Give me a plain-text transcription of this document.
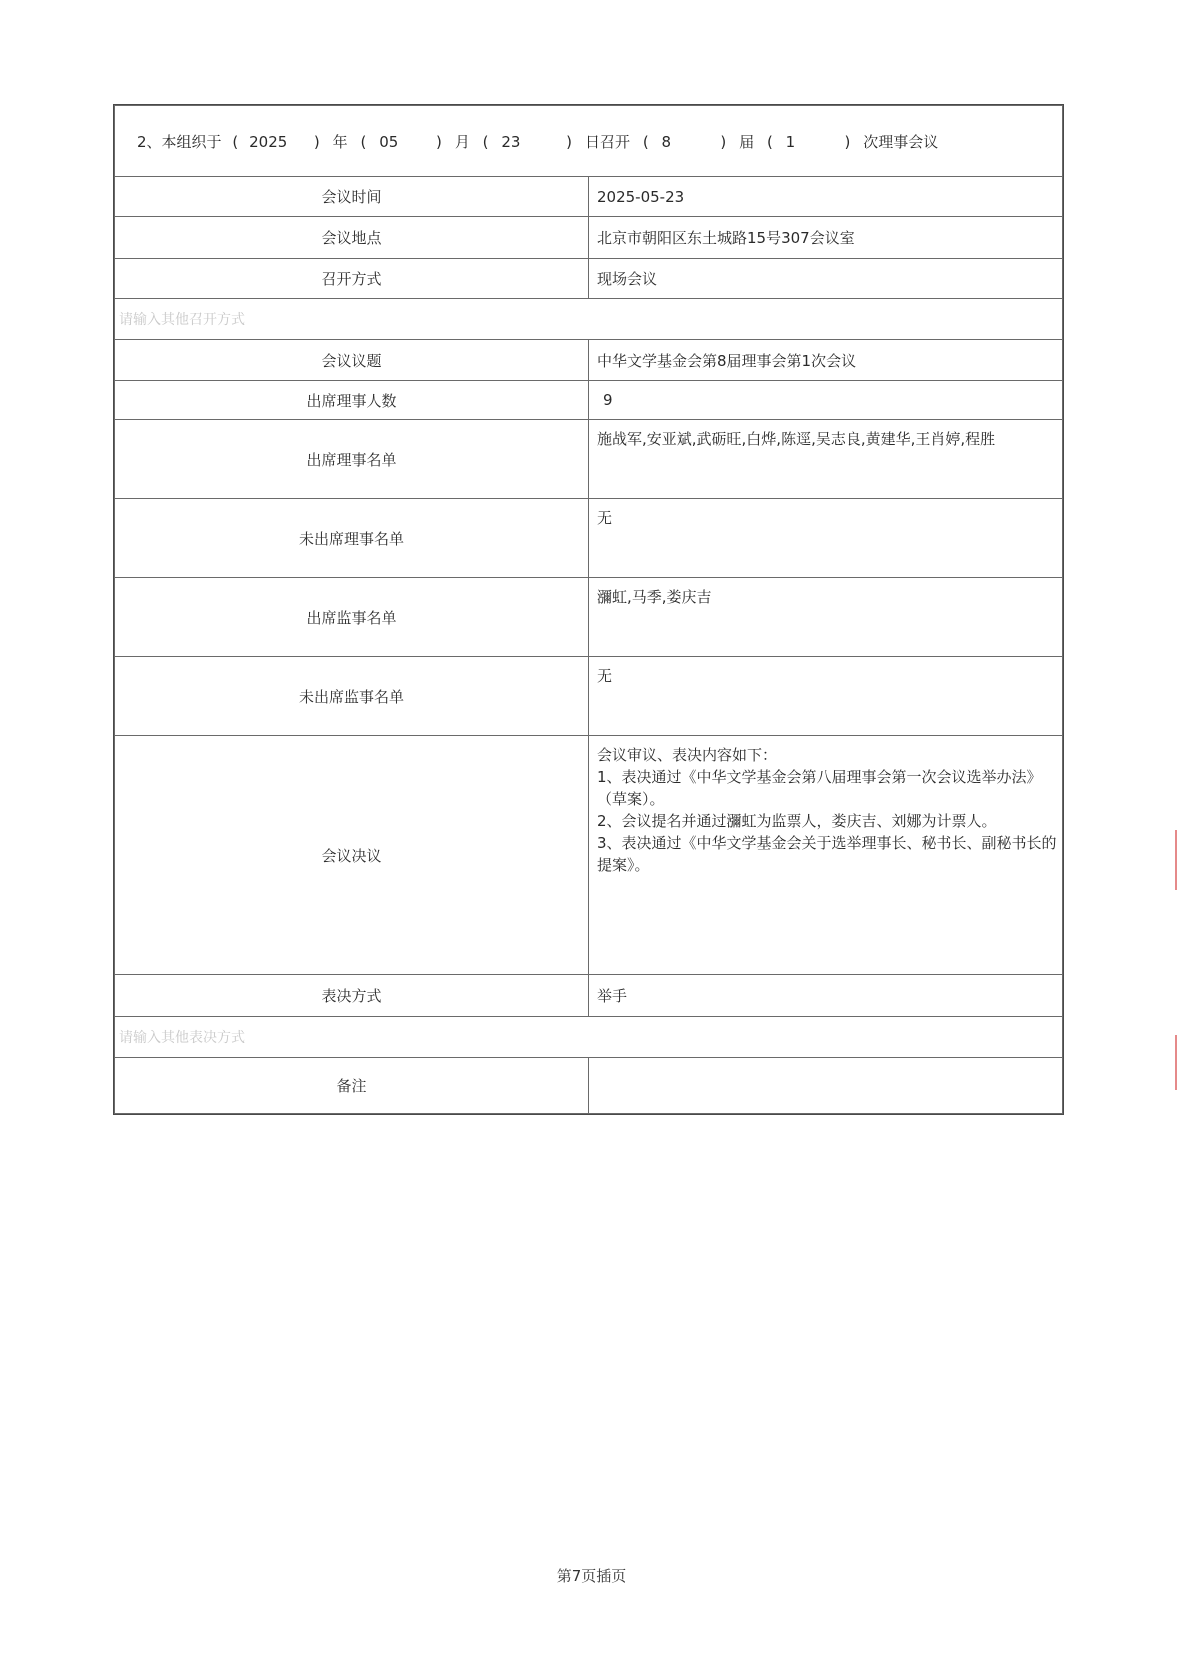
2、本组织于 ( 2025 ) 年 ( 05 ) 月 ( 23 ) 日召开 ( 8 ) 届 ( 1 ) 次理事会议	
会议时间	2025-05-23
会议地点	北京市朝阳区东土城路15号307会议室
召开方式	现场会议
请输入其他召开方式	
会议议题	中华文学基金会第8届理事会第1次会议
出席理事人数	9
出席理事名单	施战军,安亚斌,武砺旺,白烨,陈逕,吴志良,黄建华,王肖婷,程胜
未出席理事名单	无
出席监事名单	瀰虹,马季,娄庆吉
未出席监事名单	无
会议决议	会议审议、表决内容如下：
1、表决通过《中华文学基金会第八届理事会第一次会议选举办法》（草案）。
2、会议提名并通过瀰虹为监票人，娄庆吉、刘娜为计票人。
3、表决通过《中华文学基金会关于选举理事长、秘书长、副秘书长的提案》。

表决方式	举手
请输入其他表决方式	
备注	
第7页插页
